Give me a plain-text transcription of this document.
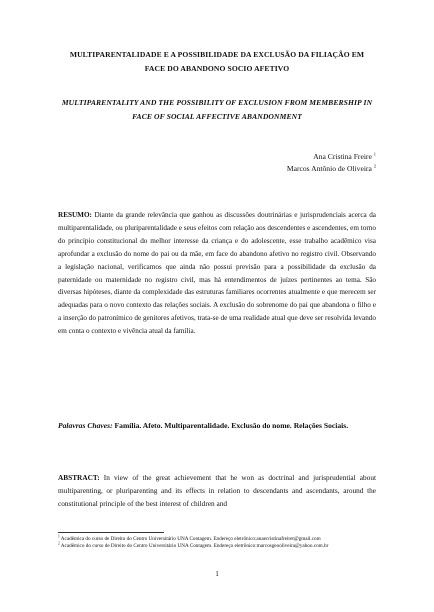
MULTIPARENTALIDADE E A POSSIBILIDADE DA EXCLUSÃO DA FILIAÇÃO EM FACE DO ABANDONO SOCIO AFETIVO
MULTIPARENTALITY AND THE POSSIBILITY OF EXCLUSION FROM MEMBERSHIP IN FACE OF SOCIAL AFFECTIVE ABANDONMENT
Ana Cristina Freire $^1$
Marcos Antônio de Oliveira $^2$
RESUMO: Diante da grande relevância que ganhou as discussões doutrinárias e jurisprudenciais acerca da multiparentalidade, ou pluriparentalidade e seus efeitos com relação aos descendentes e ascendentes, em torno do princípio constitucional do melhor interesse da criança e do adolescente, esse trabalho acadêmico visa aprofundar a exclusão do nome do pai ou da mãe, em face do abandono afetivo no registro civil. Observando a legislação nacional, verificamos que ainda não possui previsão para a possibilidade da exclusão da paternidade ou maternidade no registro civil, mas há entendimentos de juízes pertinentes ao tema. São diversas hipóteses, diante da complexidade das estruturas familiares ocorrentes atualmente e que merecem ser adequadas para o novo contexto das relações sociais. A exclusão do sobrenome do pai que abandona o filho e a inserção do patronímico de genitores afetivos, trata-se de uma realidade atual que deve ser resolvida levando em conta o contexto e vivência atual da família.
Palavras Chaves: Família. Afeto. Multiparentalidade. Exclusão do nome. Relações Sociais.
ABSTRACT: In view of the great achievement that he won as doctrinal and jurisprudential about multiparenting, or pluriparenting and its effects in relation to descendants and ascendants, around the constitutional principle of the best interest of children and
$^1$ Acadêmica do curso de Direito do Centro Universitário UNA Contagem. Endereço eletrônico:anaecristinafreiret@gmail.com
$^2$ Acadêmico do curso de Direito do Centro Universitário UNA Contagem. Endereço eletrônico:marcosgeooliveira@yahoo.com.br
1
